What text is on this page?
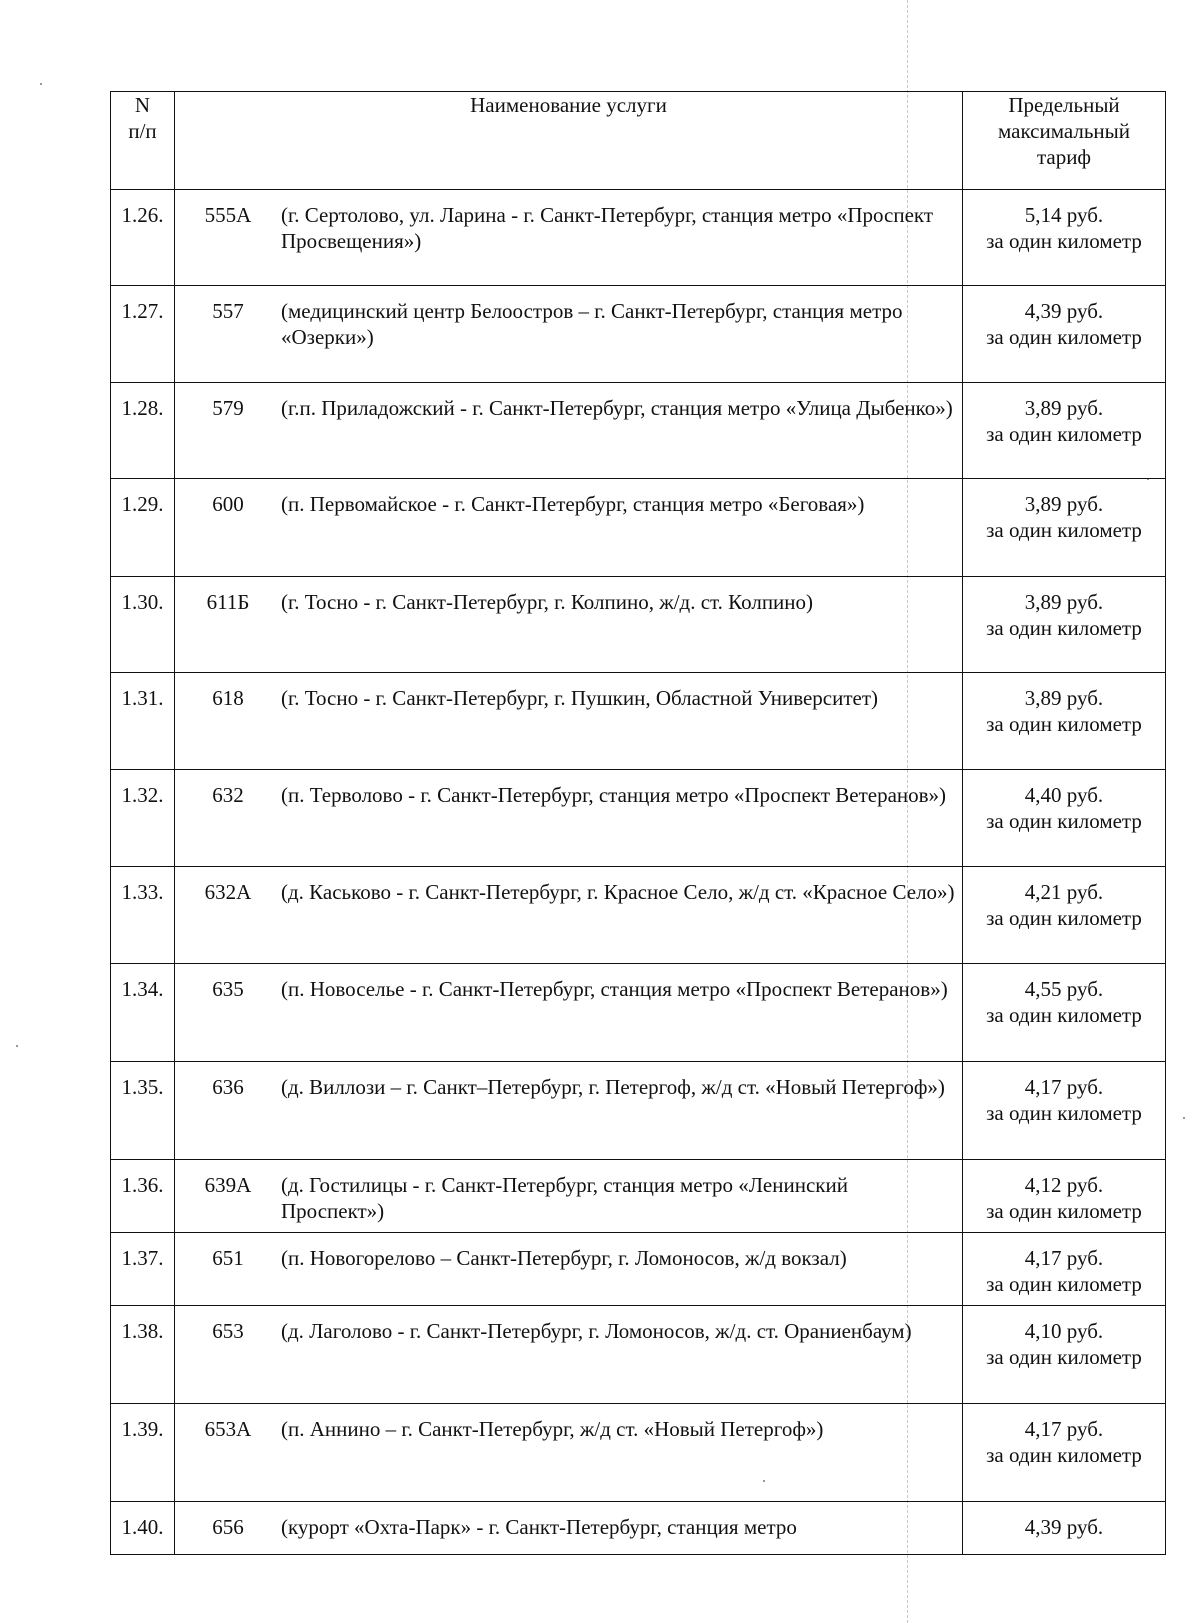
N
п/п	Наименование услуги	Предельный
максимальный
тариф
1.26.	555А (г. Сертолово, ул. Ларина - г. Санкт-Петербург, станция метро «Проспект Просвещения»)	5,14 руб.
за один километр

1.27.	557 (медицинский центр Белоостров – г. Санкт-Петербург, станция метро «Озерки»)	4,39 руб.
за один километр

1.28.	579 (г.п. Приладожский - г. Санкт-Петербург, станция метро «Улица Дыбенко»)	3,89 руб.
за один километр

1.29.	600 (п. Первомайское - г. Санкт-Петербург, станция метро «Беговая»)	3,89 руб.
за один километр

1.30.	611Б (г. Тосно - г. Санкт-Петербург, г. Колпино, ж/д. ст. Колпино)	3,89 руб.
за один километр

1.31.	618 (г. Тосно - г. Санкт-Петербург, г. Пушкин, Областной Университет)	3,89 руб.
за один километр

1.32.	632 (п. Терволово - г. Санкт-Петербург, станция метро «Проспект Ветеранов»)	4,40 руб.
за один километр

1.33.	632А (д. Каськово - г. Санкт-Петербург, г. Красное Село, ж/д ст. «Красное Село»)	4,21 руб.
за один километр

1.34.	635 (п. Новоселье - г. Санкт-Петербург, станция метро «Проспект Ветеранов»)	4,55 руб.
за один километр

1.35.	636 (д. Виллози – г. Санкт–Петербург, г. Петергоф, ж/д ст. «Новый Петергоф»)	4,17 руб.
за один километр

1.36.	639А (д. Гостилицы - г. Санкт-Петербург, станция метро «Ленинский Проспект»)	4,12 руб.
за один километр

1.37.	651 (п. Новогорелово – Санкт-Петербург, г. Ломоносов, ж/д вокзал)	4,17 руб.
за один километр

1.38.	653 (д. Лаголово - г. Санкт-Петербург, г. Ломоносов, ж/д. ст. Ораниенбаум)	4,10 руб.
за один километр

1.39.	653А (п. Аннино – г. Санкт-Петербург, ж/д ст. «Новый Петергоф»)	4,17 руб.
за один километр

1.40.	656 (курорт «Охта-Парк» - г. Санкт-Петербург, станция метро	4,39 руб.
